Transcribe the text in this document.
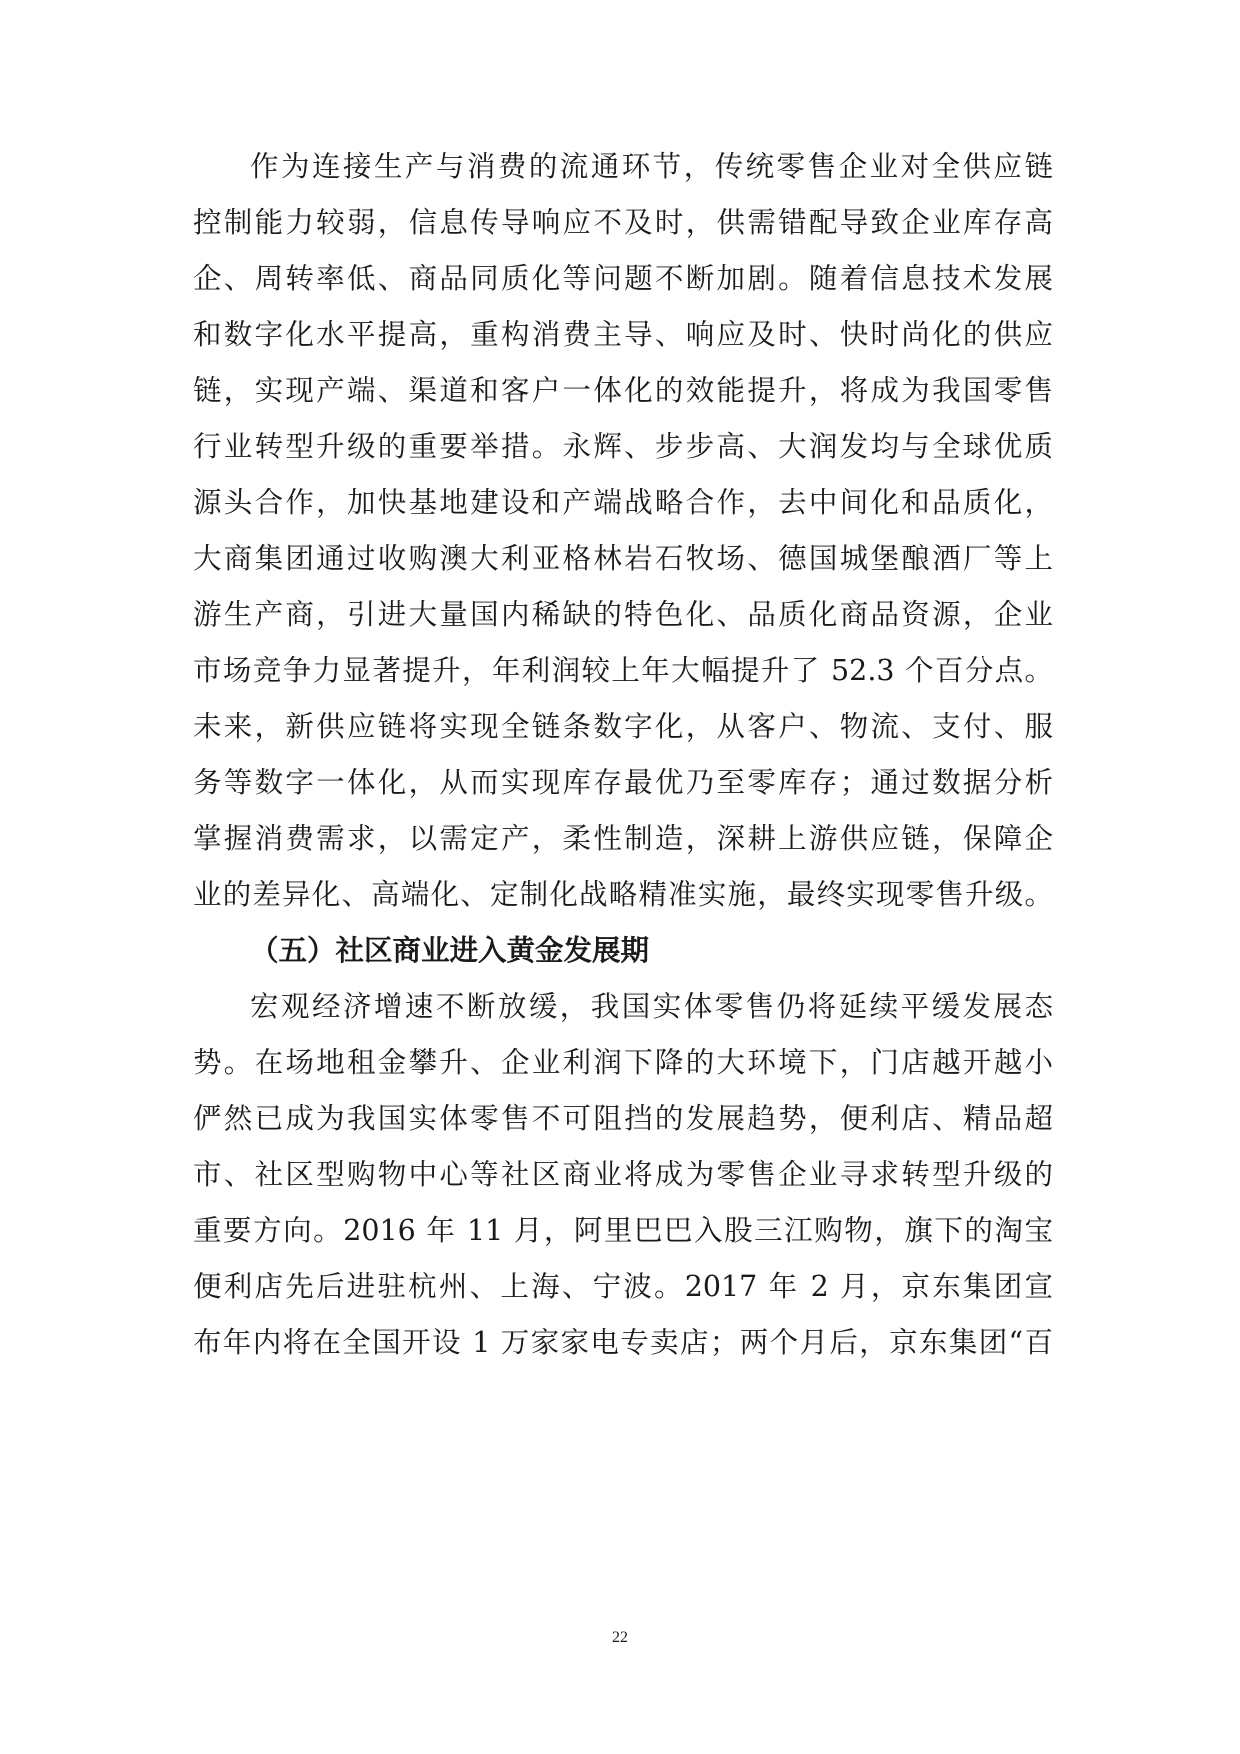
作为连接生产与消费的流通环节，传统零售企业对全供应链
控制能力较弱，信息传导响应不及时，供需错配导致企业库存高
企、周转率低、商品同质化等问题不断加剧。随着信息技术发展
和数字化水平提高，重构消费主导、响应及时、快时尚化的供应
链，实现产端、渠道和客户一体化的效能提升，将成为我国零售
行业转型升级的重要举措。永辉、步步高、大润发均与全球优质
源头合作，加快基地建设和产端战略合作，去中间化和品质化，
大商集团通过收购澳大利亚格林岩石牧场、德国城堡酿酒厂等上
游生产商，引进大量国内稀缺的特色化、品质化商品资源，企业
市场竞争力显著提升，年利润较上年大幅提升了 52.3 个百分点。
未来，新供应链将实现全链条数字化，从客户、物流、支付、服
务等数字一体化，从而实现库存最优乃至零库存；通过数据分析
掌握消费需求，以需定产，柔性制造，深耕上游供应链，保障企
业的差异化、高端化、定制化战略精准实施，最终实现零售升级。
（五）社区商业进入黄金发展期
宏观经济增速不断放缓，我国实体零售仍将延续平缓发展态
势。在场地租金攀升、企业利润下降的大环境下，门店越开越小
俨然已成为我国实体零售不可阻挡的发展趋势，便利店、精品超
市、社区型购物中心等社区商业将成为零售企业寻求转型升级的
重要方向。2016 年 11 月，阿里巴巴入股三江购物，旗下的淘宝
便利店先后进驻杭州、上海、宁波。2017 年 2 月，京东集团宣
布年内将在全国开设 1 万家家电专卖店；两个月后，京东集团“百
22
